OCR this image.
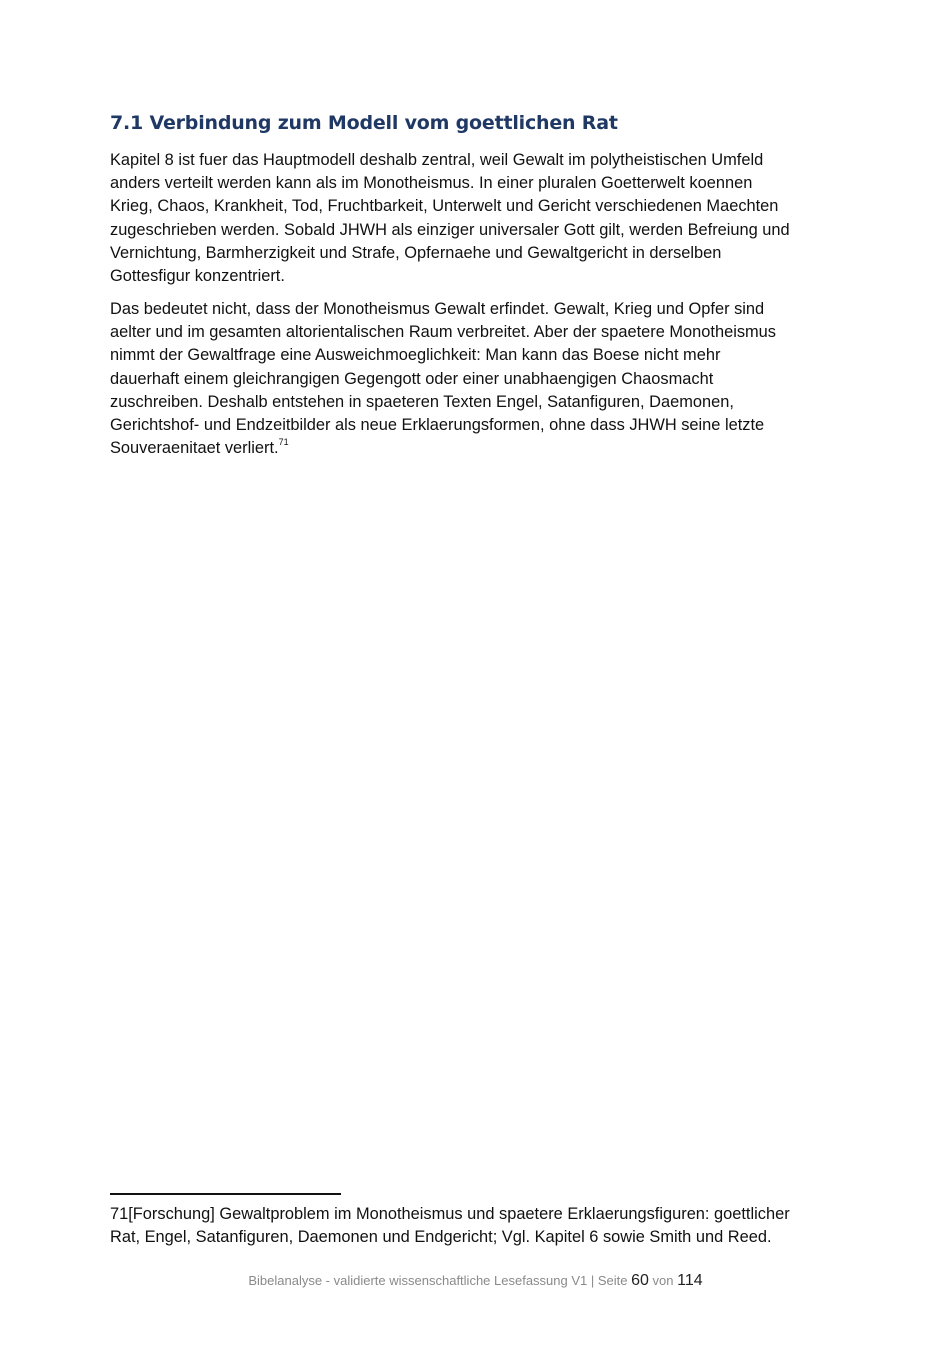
7.1 Verbindung zum Modell vom goettlichen Rat

Kapitel 8 ist fuer das Hauptmodell deshalb zentral, weil Gewalt im polytheistischen Umfeld
anders verteilt werden kann als im Monotheismus. In einer pluralen Goetterwelt koennen
Krieg, Chaos, Krankheit, Tod, Fruchtbarkeit, Unterwelt und Gericht verschiedenen Maechten
zugeschrieben werden. Sobald JHWH als einziger universaler Gott gilt, werden Befreiung und
Vernichtung, Barmherzigkeit und Strafe, Opfernaehe und Gewaltgericht in derselben
Gottesfigur konzentriert.

Das bedeutet nicht, dass der Monotheismus Gewalt erfindet. Gewalt, Krieg und Opfer sind
aelter und im gesamten altorientalischen Raum verbreitet. Aber der spaetere Monotheismus
nimmt der Gewaltfrage eine Ausweichmoeglichkeit: Man kann das Boese nicht mehr
dauerhaft einem gleichrangigen Gegengott oder einer unabhaengigen Chaosmacht
zuschreiben. Deshalb entstehen in spaeteren Texten Engel, Satanfiguren, Daemonen,
Gerichtshof- und Endzeitbilder als neue Erklaerungsformen, ohne dass JHWH seine letzte
Souveraenitaet verliert.$^{71}$

71[Forschung] Gewaltproblem im Monotheismus und spaetere Erklaerungsfiguren: goettlicher
Rat, Engel, Satanfiguren, Daemonen und Endgericht; Vgl. Kapitel 6 sowie Smith und Reed.

Bibelanalyse - validierte wissenschaftliche Lesefassung V1 | Seite 60 von 114
